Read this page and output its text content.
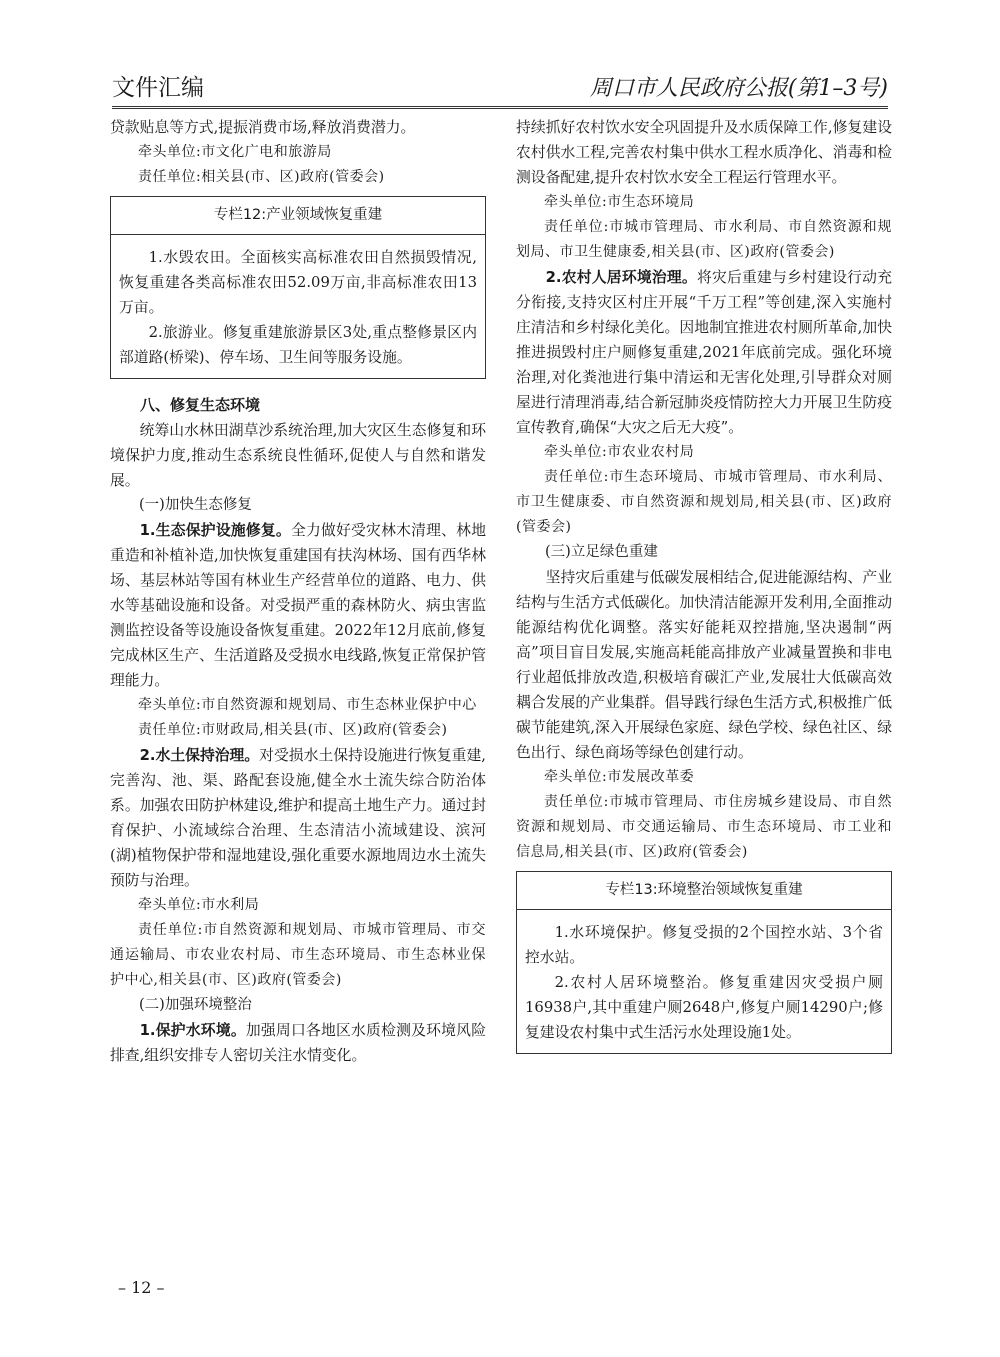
文件汇编	周口市人民政府公报(第1–3号)

贷款贴息等方式,提振消费市场,释放消费潜力。

牵头单位:市文化广电和旅游局

责任单位:相关县(市、区)政府(管委会)

专栏12:产业领域恢复重建

1.水毁农田。全面核实高标准农田自然损毁情况,恢复重建各类高标准农田52.09万亩,非高标准农田13万亩。

2.旅游业。修复重建旅游景区3处,重点整修景区内部道路(桥梁)、停车场、卫生间等服务设施。

八、修复生态环境

统筹山水林田湖草沙系统治理,加大灾区生态修复和环境保护力度,推动生态系统良性循环,促使人与自然和谐发展。

(一)加快生态修复

1.生态保护设施修复。全力做好受灾林木清理、林地重造和补植补造,加快恢复重建国有扶沟林场、国有西华林场、基层林站等国有林业生产经营单位的道路、电力、供水等基础设施和设备。对受损严重的森林防火、病虫害监测监控设备等设施设备恢复重建。2022年12月底前,修复完成林区生产、生活道路及受损水电线路,恢复正常保护管理能力。

牵头单位:市自然资源和规划局、市生态林业保护中心

责任单位:市财政局,相关县(市、区)政府(管委会)

2.水土保持治理。对受损水土保持设施进行恢复重建,完善沟、池、渠、路配套设施,健全水土流失综合防治体系。加强农田防护林建设,维护和提高土地生产力。通过封育保护、小流域综合治理、生态清洁小流域建设、滨河(湖)植物保护带和湿地建设,强化重要水源地周边水土流失预防与治理。

牵头单位:市水利局

责任单位:市自然资源和规划局、市城市管理局、市交通运输局、市农业农村局、市生态环境局、市生态林业保护中心,相关县(市、区)政府(管委会)

(二)加强环境整治

1.保护水环境。加强周口各地区水质检测及环境风险排查,组织安排专人密切关注水情变化。

持续抓好农村饮水安全巩固提升及水质保障工作,修复建设农村供水工程,完善农村集中供水工程水质净化、消毒和检测设备配建,提升农村饮水安全工程运行管理水平。

牵头单位:市生态环境局

责任单位:市城市管理局、市水利局、市自然资源和规划局、市卫生健康委,相关县(市、区)政府(管委会)

2.农村人居环境治理。将灾后重建与乡村建设行动充分衔接,支持灾区村庄开展“千万工程”等创建,深入实施村庄清洁和乡村绿化美化。因地制宜推进农村厕所革命,加快推进损毁村庄户厕修复重建,2021年底前完成。强化环境治理,对化粪池进行集中清运和无害化处理,引导群众对厕屋进行清理消毒,结合新冠肺炎疫情防控大力开展卫生防疫宣传教育,确保“大灾之后无大疫”。

牵头单位:市农业农村局

责任单位:市生态环境局、市城市管理局、市水利局、市卫生健康委、市自然资源和规划局,相关县(市、区)政府(管委会)

(三)立足绿色重建

坚持灾后重建与低碳发展相结合,促进能源结构、产业结构与生活方式低碳化。加快清洁能源开发利用,全面推动能源结构优化调整。落实好能耗双控措施,坚决遏制“两高”项目盲目发展,实施高耗能高排放产业减量置换和非电行业超低排放改造,积极培育碳汇产业,发展壮大低碳高效耦合发展的产业集群。倡导践行绿色生活方式,积极推广低碳节能建筑,深入开展绿色家庭、绿色学校、绿色社区、绿色出行、绿色商场等绿色创建行动。

牵头单位:市发展改革委

责任单位:市城市管理局、市住房城乡建设局、市自然资源和规划局、市交通运输局、市生态环境局、市工业和信息局,相关县(市、区)政府(管委会)

专栏13:环境整治领域恢复重建

1.水环境保护。修复受损的2个国控水站、3个省控水站。

2.农村人居环境整治。修复重建因灾受损户厕16938户,其中重建户厕2648户,修复户厕14290户;修复建设农村集中式生活污水处理设施1处。

– 12 –
